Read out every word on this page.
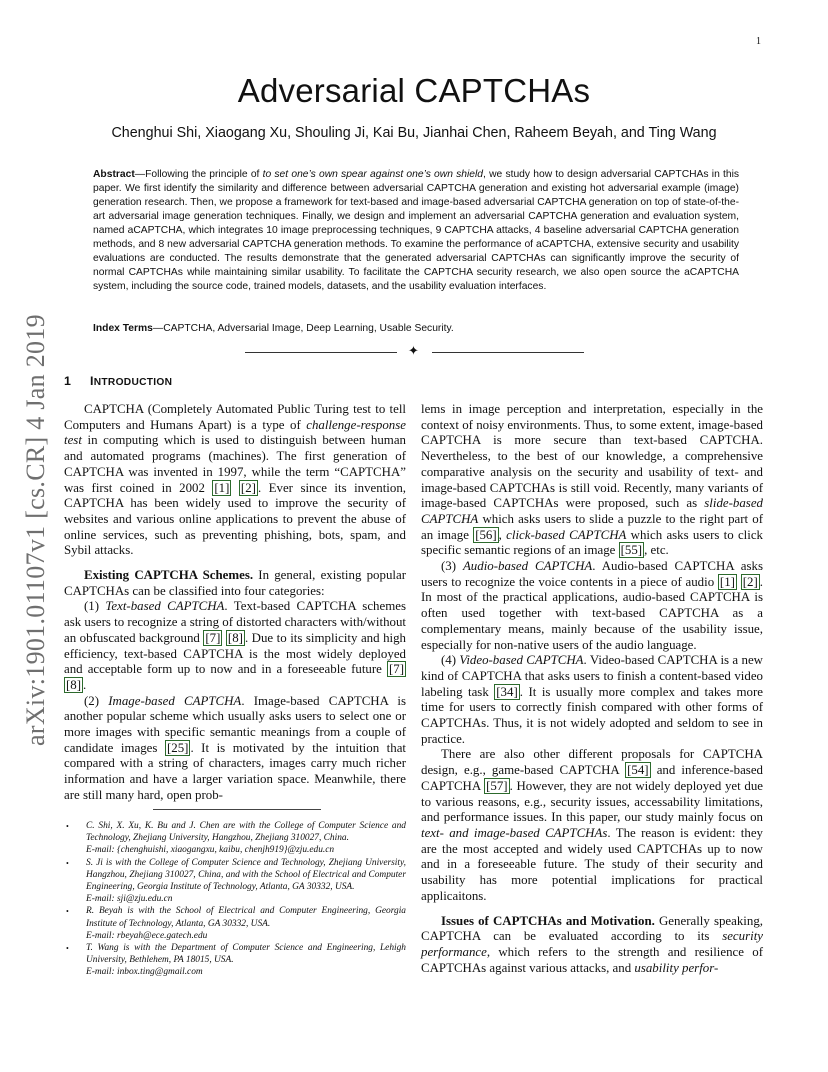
1
Adversarial CAPTCHAs
Chenghui Shi, Xiaogang Xu, Shouling Ji, Kai Bu, Jianhai Chen, Raheem Beyah, and Ting Wang
Abstract—Following the principle of to set one’s own spear against one’s own shield, we study how to design adversarial CAPTCHAs in this paper. We first identify the similarity and difference between adversarial CAPTCHA generation and existing hot adversarial example (image) generation research. Then, we propose a framework for text-based and image-based adversarial CAPTCHA generation on top of state-of-the-art adversarial image generation techniques. Finally, we design and implement an adversarial CAPTCHA generation and evaluation system, named aCAPTCHA, which integrates 10 image preprocessing techniques, 9 CAPTCHA attacks, 4 baseline adversarial CAPTCHA generation methods, and 8 new adversarial CAPTCHA generation methods. To examine the performance of aCAPTCHA, extensive security and usability evaluations are conducted. The results demonstrate that the generated adversarial CAPTCHAs can significantly improve the security of normal CAPTCHAs while maintaining similar usability. To facilitate the CAPTCHA security research, we also open source the aCAPTCHA system, including the source code, trained models, datasets, and the usability evaluation interfaces.
Index Terms—CAPTCHA, Adversarial Image, Deep Learning, Usable Security.
✦
arXiv:1901.01107v1 [cs.CR] 4 Jan 2019 1 INTRODUCTION

CAPTCHA (Completely Automated Public Turing test to tell Computers and Humans Apart) is a type of challenge-response test in computing which is used to distinguish between human and automated programs (machines). The first generation of CAPTCHA was invented in 1997, while the term “CAPTCHA” was first coined in 2002 [1] [2] . Ever since its invention, CAPTCHA has been widely used to improve the security of websites and various online applications to prevent the abuse of online services, such as preventing phishing, bots, spam, and Sybil attacks.

Existing CAPTCHA Schemes. In general, existing popular CAPTCHAs can be classified into four categories:

(1) Text-based CAPTCHA. Text-based CAPTCHA schemes ask users to recognize a string of distorted characters with/without an obfuscated background [7] [8] . Due to its simplicity and high efficiency, text-based CAPTCHA is the most widely deployed and acceptable form up to now and in a foreseeable future [7] [8] .

(2) Image-based CAPTCHA. Image-based CAPTCHA is another popular scheme which usually asks users to select one or more images with specific semantic meanings from a couple of candidate images [25] . It is motivated by the intuition that compared with a string of characters, images carry much richer information and have a larger variation space. Meanwhile, there are still many hard, open prob-

lems in image perception and interpretation, especially in the context of noisy environments. Thus, to some extent, image-based CAPTCHA is more secure than text-based CAPTCHA. Nevertheless, to the best of our knowledge, a comprehensive comparative analysis on the security and usability of text- and image-based CAPTCHAs is still void. Recently, many variants of image-based CAPTCHAs were proposed, such as slide-based CAPTCHA which asks users to slide a puzzle to the right part of an image [56] , click-based CAPTCHA which asks users to click specific semantic regions of an image [55] , etc.

(3) Audio-based CAPTCHA. Audio-based CAPTCHA asks users to recognize the voice contents in a piece of audio [1] [2] . In most of the practical applications, audio-based CAPTCHA is often used together with text-based CAPTCHA as a complementary means, mainly because of the usability issue, especially for non-native users of the audio language.

(4) Video-based CAPTCHA. Video-based CAPTCHA is a new kind of CAPTCHA that asks users to finish a content-based video labeling task [34] . It is usually more complex and takes more time for users to correctly finish compared with other forms of CAPTCHAs. Thus, it is not widely adopted and seldom to see in practice.

There are also other different proposals for CAPTCHA design, e.g., game-based CAPTCHA [54] and inference-based CAPTCHA [57] . However, they are not widely deployed yet due to various reasons, e.g., security issues, accessability limitations, and performance issues. In this paper, our study mainly focus on text- and image-based CAPTCHAs. The reason is evident: they are the most accepted and widely used CAPTCHAs up to now and in a foreseeable future. The study of their security and usability has more potential implications for practical applicaitons.

Issues of CAPTCHAs and Motivation. Generally speaking, CAPTCHA can be evaluated according to its security performance, which refers to the strength and resilience of CAPTCHAs against various attacks, and usability perfor-

•	C. Shi, X. Xu, K. Bu and J. Chen are with the College of Computer Science and Technology, Zhejiang University, Hangzhou, Zhejiang 310027, China.
E-mail: {chenghuishi, xiaogangxu, kaibu, chenjh919}@zju.edu.cn
•	S. Ji is with the College of Computer Science and Technology, Zhejiang University, Hangzhou, Zhejiang 310027, China, and with the School of Electrical and Computer Engineering, Georgia Institute of Technology, Atlanta, GA 30332, USA.
E-mail: sji@zju.edu.cn
•	R. Beyah is with the School of Electrical and Computer Engineering, Georgia Institute of Technology, Atlanta, GA 30332, USA.
E-mail: rbeyah@ece.gatech.edu
•	T. Wang is with the Department of Computer Science and Engineering, Lehigh University, Bethlehem, PA 18015, USA.
E-mail: inbox.ting@gmail.com
